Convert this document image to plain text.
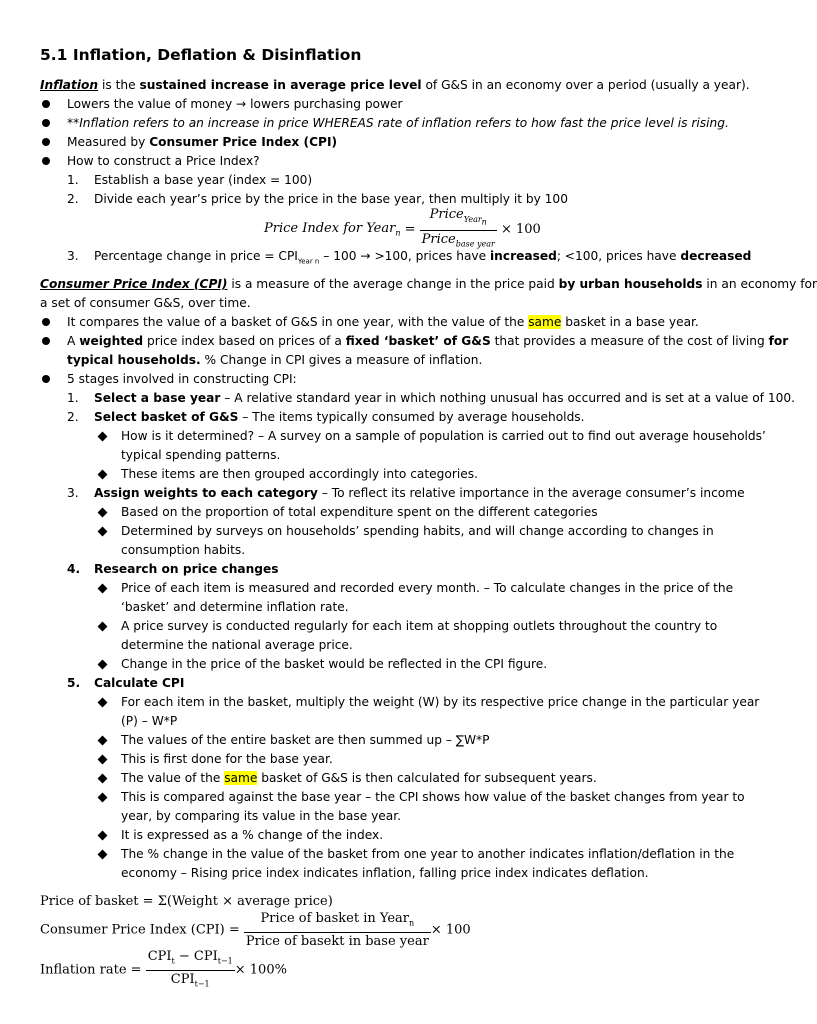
5.1 Inflation, Deflation & Disinflation
Inflation is the sustained increase in average price level of G&S in an economy over a period (usually a year).
Lowers the value of money → lowers purchasing power
**Inflation refers to an increase in price WHEREAS rate of inflation refers to how fast the price level is rising.
Measured by Consumer Price Index (CPI)
How to construct a Price Index?
1. Establish a base year (index = 100)
2. Divide each year’s price by the price in the base year, then multiply it by 100
Price Index for Year$_n$ = $\frac{Price_{Year_n}}{Price_{base year}} \times 100$
3. Percentage change in price = $CPI_{Year n} - 100 \to >100$, prices have increased; <100, prices have decreased
Consumer Price Index (CPI) is a measure of the average change in the price paid by urban households in an economy for
a set of consumer G&S, over time.
It compares the value of a basket of G&S in one year, with the value of the same basket in a base year.
A weighted price index based on prices of a fixed ‘basket’ of G&S that provides a measure of the cost of living for
typical households. % Change in CPI gives a measure of inflation.
5 stages involved in constructing CPI:
1. Select a base year – A relative standard year in which nothing unusual has occurred and is set at a value of 100.
2. Select basket of G&S – The items typically consumed by average households.
How is it determined? – A survey on a sample of population is carried out to find out average households’
typical spending patterns.
These items are then grouped accordingly into categories.
3. Assign weights to each category – To reflect its relative importance in the average consumer’s income
Based on the proportion of total expenditure spent on the different categories
Determined by surveys on households’ spending habits, and will change according to changes in
consumption habits.
4. Research on price changes
Price of each item is measured and recorded every month. – To calculate changes in the price of the
‘basket’ and determine inflation rate.
A price survey is conducted regularly for each item at shopping outlets throughout the country to
determine the national average price.
Change in the price of the basket would be reflected in the CPI figure.
5. Calculate CPI
For each item in the basket, multiply the weight (W) by its respective price change in the particular year
(P) – W*P
The values of the entire basket are then summed up – ∑W*P
This is first done for the base year.
The value of the same basket of G&S is then calculated for subsequent years.
This is compared against the base year – the CPI shows how value of the basket changes from year to
year, by comparing its value in the base year.
It is expressed as a % change of the index.
The % change in the value of the basket from one year to another indicates inflation/deflation in the
economy – Rising price index indicates inflation, falling price index indicates deflation.
Price of basket = Σ(Weight × average price)
Consumer Price Index $(CPI) = \frac{Price of basket in Year_n}{\text{Price of basekt in base year}} \times 100$
Inflation rate = $\frac{CPI_t - CPI_{t-1}}{CPI_{t-1}} \times 100\%$
